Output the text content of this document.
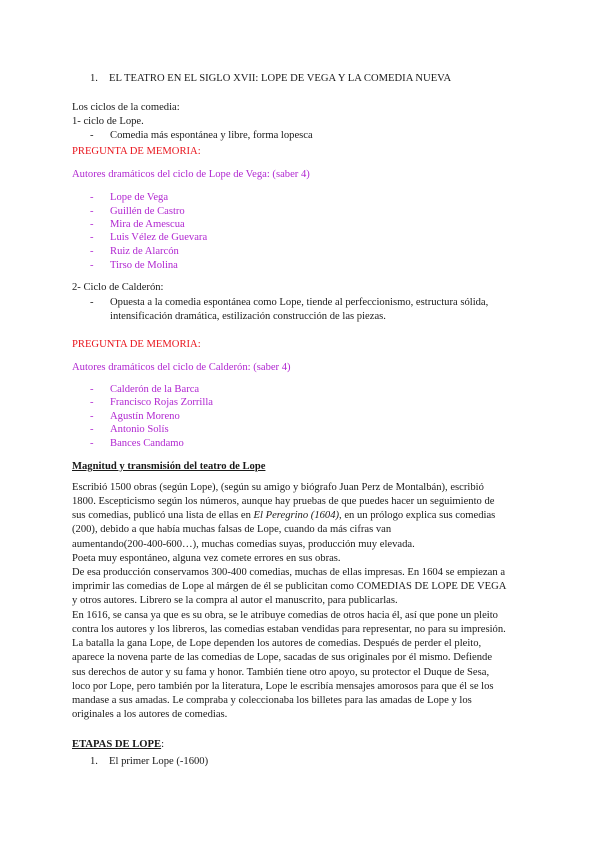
1. EL TEATRO EN EL SIGLO XVII: LOPE DE VEGA Y LA COMEDIA NUEVA
Los ciclos de la comedia:
1- ciclo de Lope.
- Comedia más espontánea y libre, forma lopesca
PREGUNTA DE MEMORIA:
Autores dramáticos del ciclo de Lope de Vega: (saber 4)
- Lope de Vega
- Guillén de Castro
- Mira de Amescua
- Luis Vélez de Guevara
- Ruiz de Alarcón
- Tirso de Molina
2- Ciclo de Calderón:
- Opuesta a la comedia espontánea como Lope, tiende al perfeccionismo, estructura sólida,
intensificación dramática, estilización construcción de las piezas.
PREGUNTA DE MEMORIA:
Autores dramáticos del ciclo de Calderón: (saber 4)
- Calderón de la Barca
- Francisco Rojas Zorrilla
- Agustín Moreno
- Antonio Solís
- Bances Candamo
Magnitud y transmisión del teatro de Lope
Escribió 1500 obras (según Lope), (según su amigo y biógrafo Juan Perz de Montalbán), escribió
1800. Escepticismo según los números, aunque hay pruebas de que puedes hacer un seguimiento de
sus comedias, publicó una lista de ellas en El Peregrino (1604), en un prólogo explica sus comedias
(200), debido a que había muchas falsas de Lope, cuando da más cifras van
aumentando(200-400-600…), muchas comedias suyas, producción muy elevada.
Poeta muy espontáneo, alguna vez comete errores en sus obras.
De esa producción conservamos 300-400 comedias, muchas de ellas impresas. En 1604 se empiezan a
imprimir las comedias de Lope al márgen de él se publicitan como COMEDIAS DE LOPE DE VEGA
y otros autores. Librero se la compra al autor el manuscrito, para publicarlas.
En 1616, se cansa ya que es su obra, se le atribuye comedias de otros hacia él, así que pone un pleito
contra los autores y los libreros, las comedias estaban vendidas para representar, no para su impresión.
La batalla la gana Lope, de Lope dependen los autores de comedias. Después de perder el pleito,
aparece la novena parte de las comedias de Lope, sacadas de sus originales por él mismo. Defiende
sus derechos de autor y su fama y honor. También tiene otro apoyo, su protector el Duque de Sesa,
loco por Lope, pero también por la literatura, Lope le escribía mensajes amorosos para que él se los
mandase a sus amadas. Le compraba y coleccionaba los billetes para las amadas de Lope y los
originales a los autores de comedias.
ETAPAS DE LOPE:
1. El primer Lope (-1600)
